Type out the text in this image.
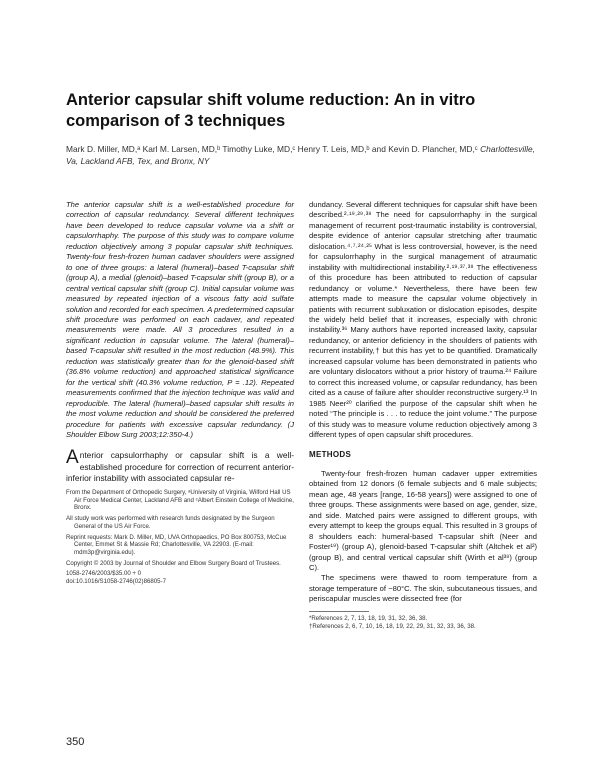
Anterior capsular shift volume reduction: An in vitro comparison of 3 techniques
Mark D. Miller, MD,ᵃ Karl M. Larsen, MD,ᵇ Timothy Luke, MD,ᶜ Henry T. Leis, MD,ᵇ and Kevin D. Plancher, MD,ᶜ Charlottesville, Va, Lackland AFB, Tex, and Bronx, NY

The anterior capsular shift is a well-established procedure for correction of capsular redundancy. Several different techniques have been developed to reduce capsular volume via a shift or capsulorrhaphy. The purpose of this study was to compare volume reduction objectively among 3 popular capsular shift techniques. Twenty-four fresh-frozen human cadaver shoulders were assigned to one of three groups: a lateral (humeral)–based T-capsular shift (group A), a medial (glenoid)–based T-capsular shift (group B), or a central vertical capsular shift (group C). Initial capsular volume was measured by repeated injection of a viscous fatty acid sulfate solution and recorded for each specimen. A predetermined capsular shift procedure was performed on each cadaver, and repeated measurements were made. All 3 procedures resulted in a significant reduction in capsular volume. The lateral (humeral)–based T-capsular shift resulted in the most reduction (48.9%). This reduction was statistically greater than for the glenoid-based shift (36.8% volume reduction) and approached statistical significance for the vertical shift (40.3% volume reduction, P = .12). Repeated measurements confirmed that the injection technique was valid and reproducible. The lateral (humeral)–based capsular shift results in the most volume reduction and should be considered the preferred procedure for patients with excessive capsular redundancy. (J Shoulder Elbow Surg 2003;12:350-4.)

Anterior capsulorrhaphy or capsular shift is a well-established procedure for correction of recurrent anterior-inferior instability with associated capsular re-

From the Department of Orthopedic Surgery, ᵃUniversity of Virginia, Wilford Hall US Air Force Medical Center, Lackland AFB and ᶜAlbert Einstein College of Medicine, Bronx.

All study work was performed with research funds designated by the Surgeon General of the US Air Force.

Reprint requests: Mark D. Miller, MD, UVA Orthopaedics, PO Box 800753, McCue Center, Emmet St & Massie Rd; Charlottesville, VA 22903. (E-mail: mdm3p@virginia.edu).

Copyright © 2003 by Journal of Shoulder and Elbow Surgery Board of Trustees.

1058-2746/2003/$35.00 + 0

doi:10.1016/S1058-2746(02)86805-7

dundancy. Several different techniques for capsular shift have been described.²·¹⁹·²⁹·³⁸ The need for capsulorrhaphy in the surgical management of recurrent post-traumatic instability is controversial, despite evidence of anterior capsular stretching after traumatic dislocation.⁴·⁷·²⁴·²⁵ What is less controversial, however, is the need for capsulorrhaphy in the surgical management of atraumatic instability with multidirectional instability.²·¹⁹·³⁷·³⁸ The effectiveness of this procedure has been attributed to reduction of capsular redundancy or volume.* Nevertheless, there have been few attempts made to measure the capsular volume objectively in patients with recurrent subluxation or dislocation episodes, despite the widely held belief that it increases, especially with chronic instability.³⁶ Many authors have reported increased laxity, capsular redundancy, or anterior deficiency in the shoulders of patients with recurrent instability,† but this has yet to be quantified. Dramatically increased capsular volume has been demonstrated in patients who are voluntary dislocators without a prior history of trauma.²⁴ Failure to correct this increased volume, or capsular redundancy, has been cited as a cause of failure after shoulder reconstructive surgery.¹³ In 1985 Neer²⁰ clarified the purpose of the capsular shift when he noted “The principle is . . . to reduce the joint volume.” The purpose of this study was to measure volume reduction objectively among 3 different types of open capsular shift procedures.

METHODS

Twenty-four fresh-frozen human cadaver upper extremities obtained from 12 donors (6 female subjects and 6 male subjects; mean age, 48 years [range, 16-58 years]) were assigned to one of three groups. These assignments were based on age, gender, size, and side. Matched pairs were assigned to different groups, with every attempt to keep the groups equal. This resulted in 3 groups of 8 shoulders each: humeral-based T-capsular shift (Neer and Foster¹⁹) (group A), glenoid-based T-capsular shift (Altchek et al²) (group B), and central vertical capsular shift (Wirth et al³⁸) (group C).

The specimens were thawed to room temperature from a storage temperature of −80°C. The skin, subcutaneous tissues, and periscapular muscles were dissected free (for

*References 2, 7, 13, 18, 19, 31, 32, 36, 38.

†References 2, 6, 7, 10, 16, 18, 19, 22, 29, 31, 32, 33, 36, 38.

350
